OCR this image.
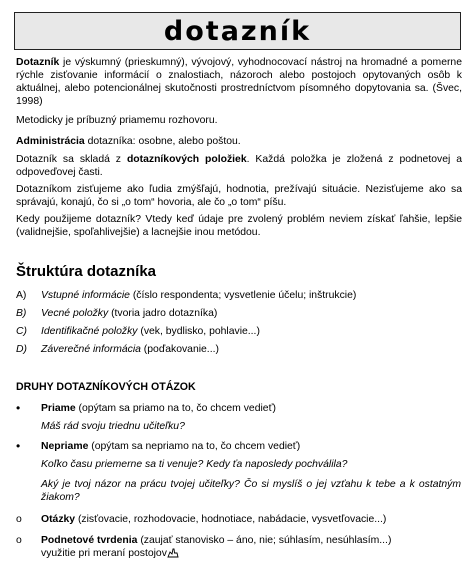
dotazník
Dotazník je výskumný (prieskumný), vývojový, vyhodnocovací nástroj na hromadné a pomerne rýchle zisťovanie informácií o znalostiach, názoroch alebo postojoch opytovaných osôb k aktuálnej, alebo potencionálnej skutočnosti prostredníctvom písomného dopytovania sa. (Švec, 1998)
Metodicky je príbuzný priamemu rozhovoru.
Administrácia dotazníka: osobne, alebo poštou.
Dotazník sa skladá z dotazníkových položiek. Každá položka je zložená z podnetovej a odpoveďovej časti.
Dotazníkom zisťujeme ako ľudia zmýšľajú, hodnotia, prežívajú situácie. Nezisťujeme ako sa správajú, konajú, čo si „o tom“ hovoria, ale čo „o tom“ píšu.
Kedy použijeme dotazník? Vtedy keď údaje pre zvolený problém neviem získať ľahšie, lepšie (validnejšie, spoľahlivejšie) a lacnejšie inou metódou.
Štruktúra dotazníka
A)	Vstupné informácie (číslo respondenta; vysvetlenie účelu; inštrukcie)
B)	Vecné položky (tvoria jadro dotazníka)
C)	Identifikačné položky (vek, bydlisko, pohlavie...)
D)	Záverečné informácia (poďakovanie...)
DRUHY DOTAZNÍKOVÝCH OTÁZOK
•	Priame (opýtam sa priamo na to, čo chcem vedieť)
Máš rád svoju triednu učiteľku?
•	Nepriame (opýtam sa nepriamo na to, čo chcem vedieť)
Koľko času priemerne sa ti venuje? Kedy ťa naposledy pochválila?
Aký je tvoj názor na prácu tvojej učiteľky? Čo si myslíš o jej vzťahu k tebe a k ostatným žiakom?
o	Otázky (zisťovacie, rozhodovacie, hodnotiace, nabádacie, vysvetľovacie...)
o	Podnetové tvrdenia (zaujať stanovisko – áno, nie; súhlasím, nesúhlasím...)
využitie pri meraní postojov
